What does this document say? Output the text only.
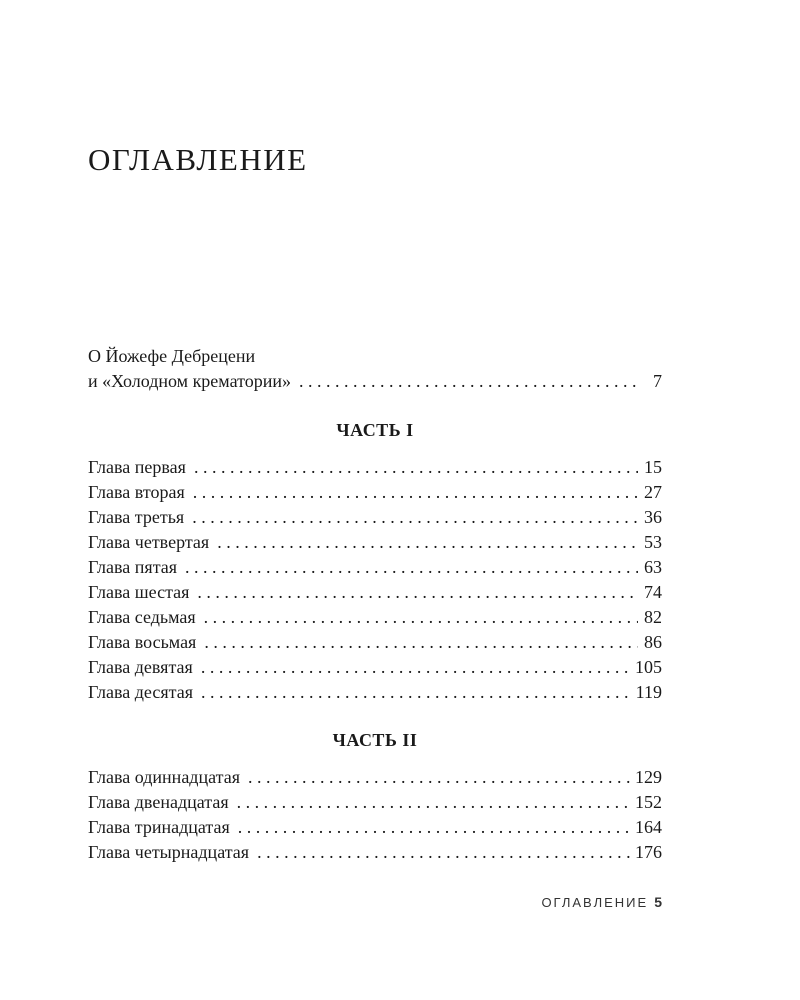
ОГЛАВЛЕНИЕ
О Йожефе Дебрецени
и «Холодном крематории» . . .	7
ЧАСТЬ I
Глава первая . . .	15
Глава вторая . . .	27
Глава третья . . .	36
Глава четвертая . . .	53
Глава пятая . . .	63
Глава шестая . . .	74
Глава седьмая . . .	82
Глава восьмая . . .	86
Глава девятая . . .	105
Глава десятая . . .	119
ЧАСТЬ II
Глава одиннадцатая . . .	129
Глава двенадцатая . . .	152
Глава тринадцатая . . .	164
Глава четырнадцатая . . .	176
ОГЛАВЛЕНИЕ 5
